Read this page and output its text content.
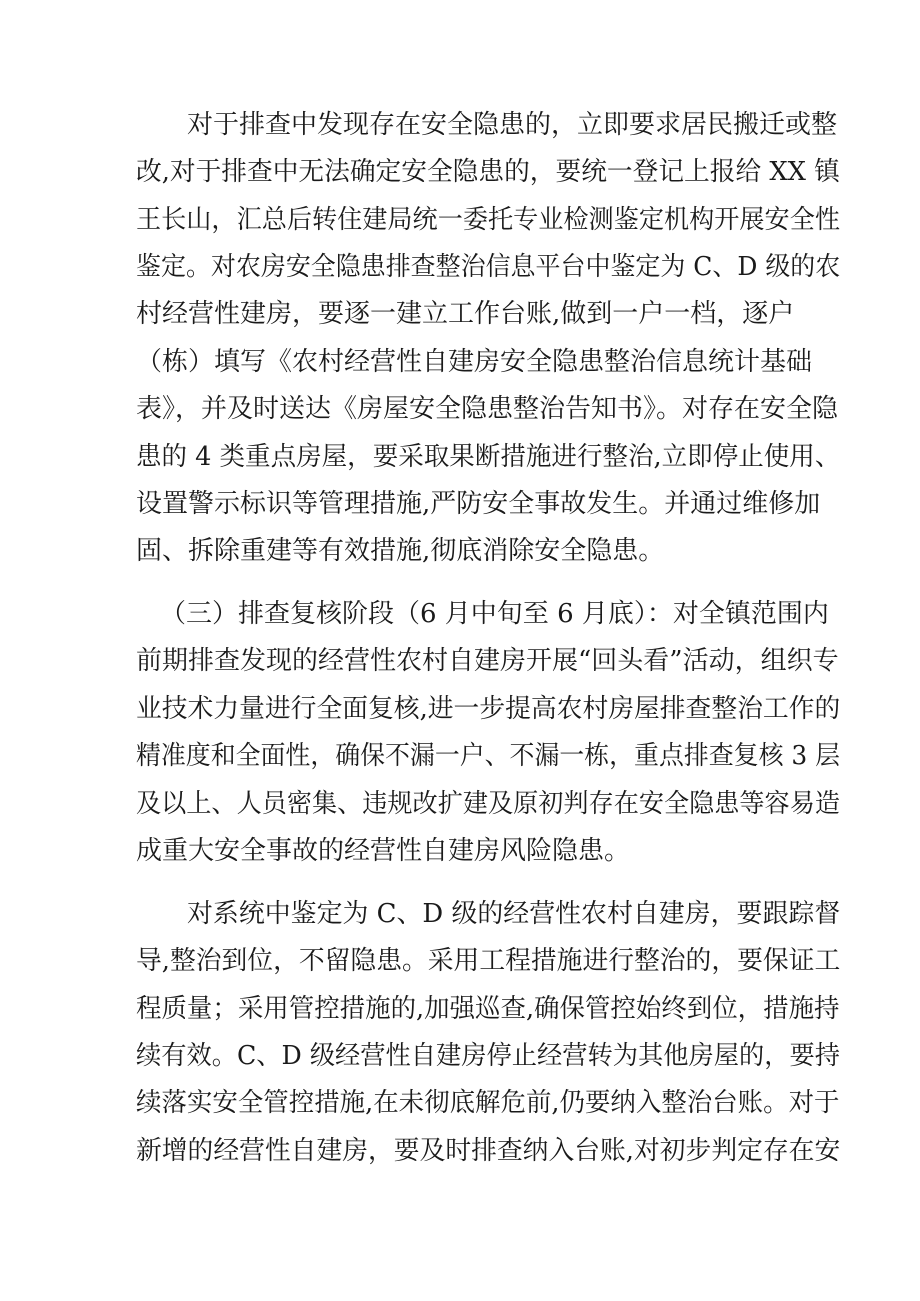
对于排查中发现存在安全隐患的，立即要求居民搬迁或整
改,对于排查中无法确定安全隐患的，要统一登记上报给 XX 镇
王长山，汇总后转住建局统一委托专业检测鉴定机构开展安全性
鉴定。对农房安全隐患排查整治信息平台中鉴定为 C、D 级的农
村经营性建房，要逐一建立工作台账,做到一户一档，逐户
（栋）填写《农村经营性自建房安全隐患整治信息统计基础
表》，并及时送达《房屋安全隐患整治告知书》。对存在安全隐
患的 4 类重点房屋，要采取果断措施进行整治,立即停止使用、
设置警示标识等管理措施,严防安全事故发生。并通过维修加
固、拆除重建等有效措施,彻底消除安全隐患。
（三）排查复核阶段（6 月中旬至 6 月底）：对全镇范围内
前期排查发现的经营性农村自建房开展“回头看”活动，组织专
业技术力量进行全面复核,进一步提高农村房屋排查整治工作的
精准度和全面性，确保不漏一户、不漏一栋，重点排查复核 3 层
及以上、人员密集、违规改扩建及原初判存在安全隐患等容易造
成重大安全事故的经营性自建房风险隐患。
对系统中鉴定为 C、D 级的经营性农村自建房，要跟踪督
导,整治到位，不留隐患。采用工程措施进行整治的，要保证工
程质量；采用管控措施的,加强巡查,确保管控始终到位，措施持
续有效。C、D 级经营性自建房停止经营转为其他房屋的，要持
续落实安全管控措施,在未彻底解危前,仍要纳入整治台账。对于
新增的经营性自建房，要及时排查纳入台账,对初步判定存在安
